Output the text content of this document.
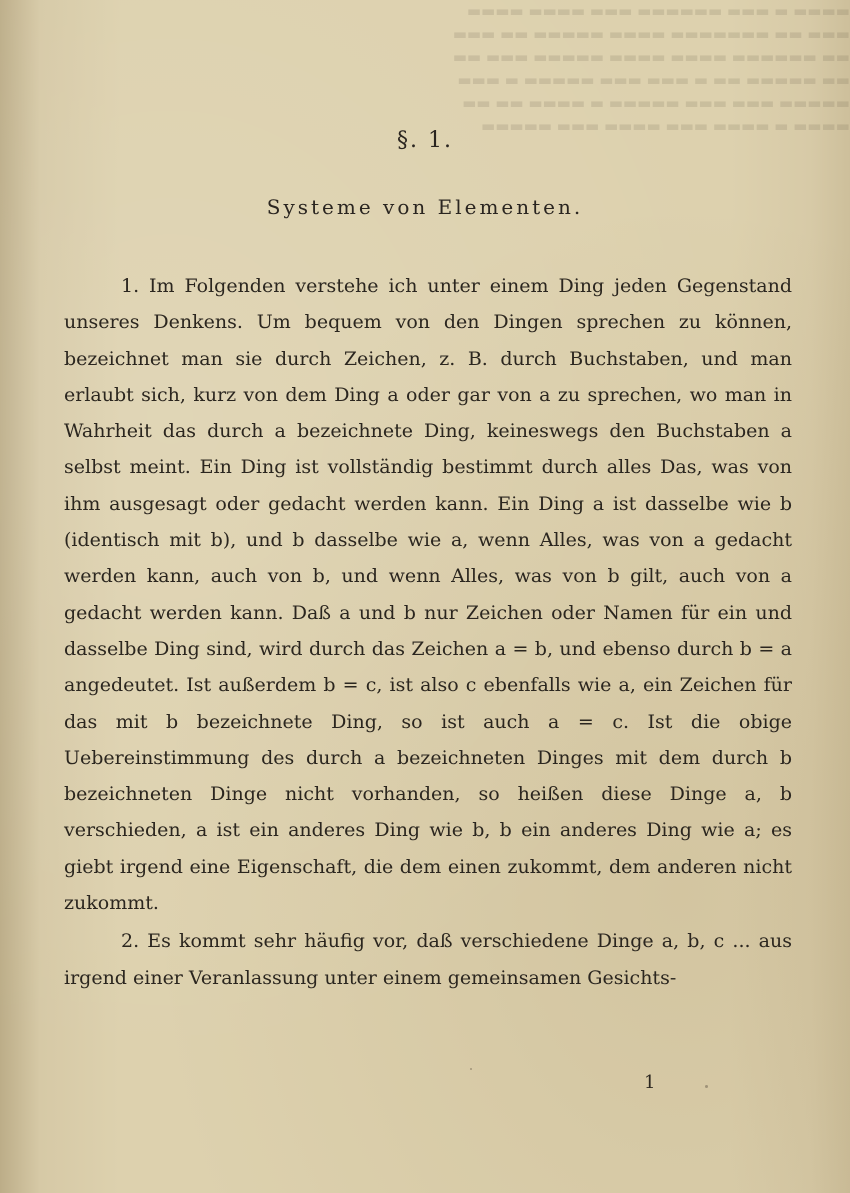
▬▬▬▬ ▬ ▬▬▬ ▬▬▬▬▬▬ ▬▬▬ ▬▬▬▬ ▬▬▬▬
▬▬▬ ▬▬ ▬▬▬▬▬▬▬ ▬▬▬▬ ▬▬▬▬▬ ▬▬ ▬▬▬
▬▬ ▬▬▬▬▬▬ ▬▬▬▬ ▬▬▬▬ ▬▬▬▬▬ ▬▬▬ ▬▬
▬▬ ▬▬▬▬▬ ▬▬ ▬ ▬▬▬ ▬▬▬ ▬▬▬▬▬ ▬ ▬▬▬
▬▬▬▬▬ ▬▬▬ ▬▬▬ ▬▬▬▬▬ ▬ ▬▬▬▬ ▬▬ ▬▬
▬▬▬▬ ▬ ▬▬▬▬ ▬▬▬ ▬▬▬▬ ▬▬▬ ▬▬▬▬▬
§. 1.
Systeme von Elementen.

1. Im Folgenden verstehe ich unter einem Ding jeden Gegenstand unseres Denkens. Um bequem von den Dingen sprechen zu können, bezeichnet man sie durch Zeichen, z. B. durch Buchstaben, und man erlaubt sich, kurz von dem Ding a oder gar von a zu sprechen, wo man in Wahrheit das durch a bezeichnete Ding, keineswegs den Buchstaben a selbst meint. Ein Ding ist vollständig bestimmt durch alles Das, was von ihm ausgesagt oder gedacht werden kann. Ein Ding a ist dasselbe wie b (identisch mit b), und b dasselbe wie a, wenn Alles, was von a gedacht werden kann, auch von b, und wenn Alles, was von b gilt, auch von a gedacht werden kann. Daß a und b nur Zeichen oder Namen für ein und dasselbe Ding sind, wird durch das Zeichen a = b, und ebenso durch b = a angedeutet. Ist außerdem b = c, ist also c ebenfalls wie a, ein Zeichen für das mit b bezeichnete Ding, so ist auch a = c. Ist die obige Uebereinstimmung des durch a bezeichneten Dinges mit dem durch b bezeichneten Dinge nicht vorhanden, so heißen diese Dinge a, b verschieden, a ist ein anderes Ding wie b, b ein anderes Ding wie a; es giebt irgend eine Eigenschaft, die dem einen zukommt, dem anderen nicht zukommt.

2. Es kommt sehr häufig vor, daß verschiedene Dinge a, b, c ... aus irgend einer Veranlassung unter einem gemeinsamen Gesichts-

1
